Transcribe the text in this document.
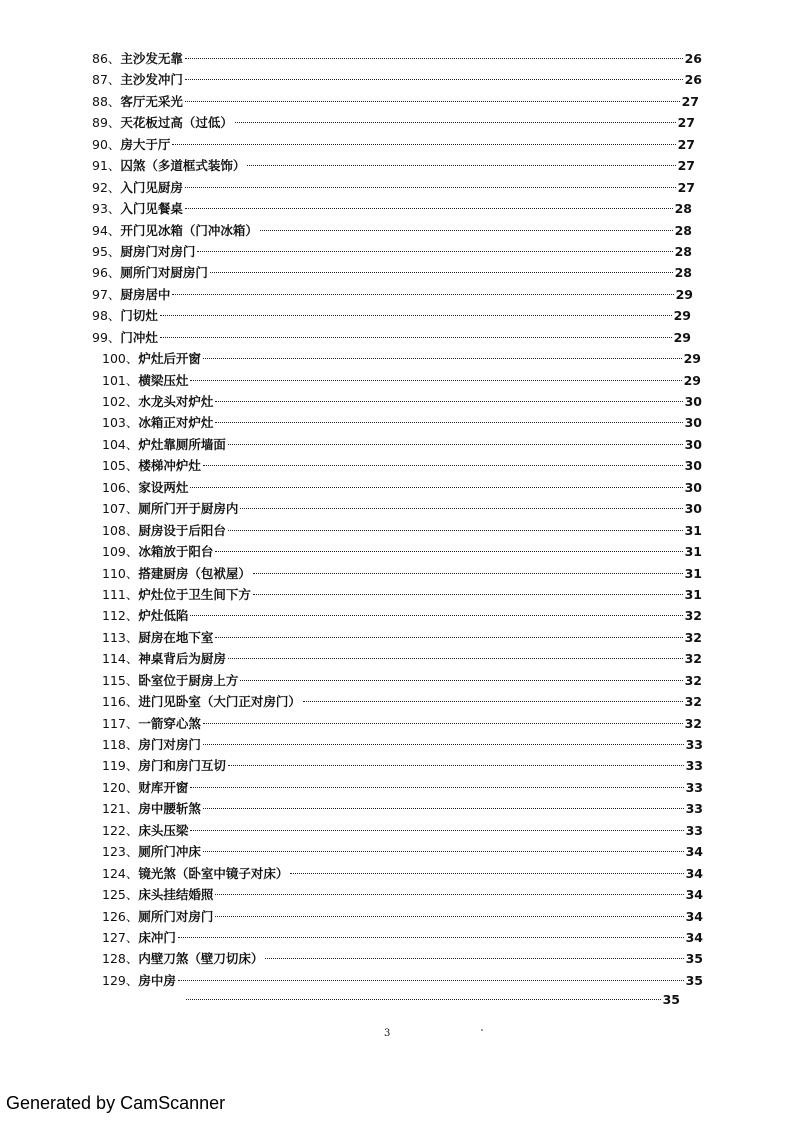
86、 主沙发无靠	26
87、 主沙发冲门	26
88、 客厅无采光	27
89、 天花板过高（过低）	27
90、 房大于厅	27
91、 囚煞（多道框式装饰）	27
92、 入门见厨房	27
93、 入门见餐桌	28
94、 开门见冰箱（门冲冰箱）	28
95、 厨房门对房门	28
96、 厕所门对厨房门	28
97、 厨房居中	29
98、 门切灶	29
99、 门冲灶	29
100、 炉灶后开窗	29
101、 横梁压灶	29
102、 水龙头对炉灶	30
103、 冰箱正对炉灶	30
104、 炉灶靠厕所墙面	30
105、 楼梯冲炉灶	30
106、 家设两灶	30
107、 厕所门开于厨房内	30
108、 厨房设于后阳台	31
109、 冰箱放于阳台	31
110、 搭建厨房（包袱屋）	31
111、 炉灶位于卫生间下方	31
112、 炉灶低陷	32
113、 厨房在地下室	32
114、 神桌背后为厨房	32
115、 卧室位于厨房上方	32
116、 进门见卧室（大门正对房门）	32
117、 一箭穿心煞	32
118、 房门对房门	33
119、 房门和房门互切	33
120、 财库开窗	33
121、 房中腰斩煞	33
122、 床头压梁	33
123、 厕所门冲床	34
124、 镜光煞（卧室中镜子对床）	34
125、 床头挂结婚照	34
126、 厕所门对房门	34
127、 床冲门	34
128、 内壁刀煞（壁刀切床）	35
129、 房中房	35
35
3
Generated by CamScanner
